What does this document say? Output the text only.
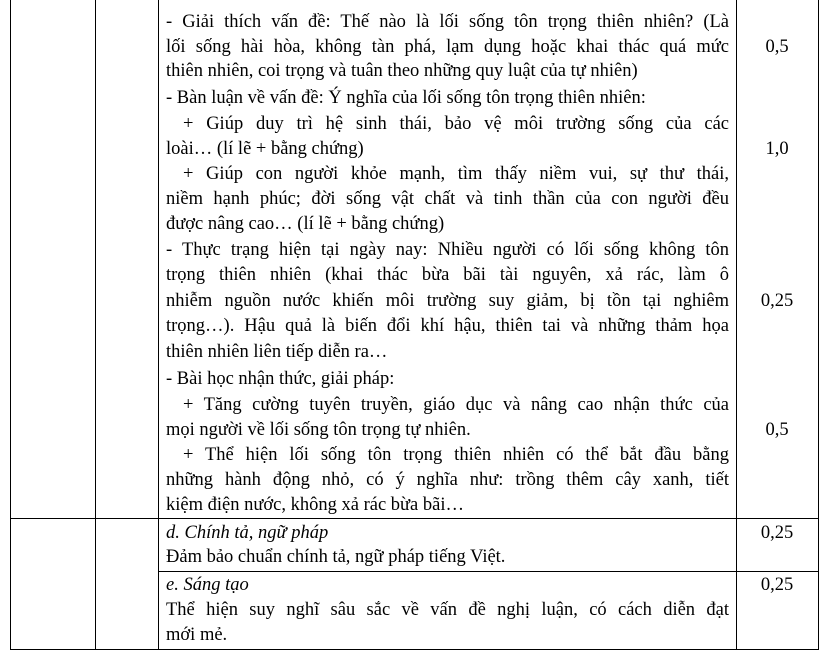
- Giải thích vấn đề: Thế nào là lối sống tôn trọng thiên nhiên? (Là
lối sống hài hòa, không tàn phá, lạm dụng hoặc khai thác quá mức
thiên nhiên, coi trọng và tuân theo những quy luật của tự nhiên)
0,5
- Bàn luận về vấn đề: Ý nghĩa của lối sống tôn trọng thiên nhiên:
+ Giúp duy trì hệ sinh thái, bảo vệ môi trường sống của các
loài… (lí lẽ + bằng chứng)
+ Giúp con người khỏe mạnh, tìm thấy niềm vui, sự thư thái,
niềm hạnh phúc; đời sống vật chất và tinh thần của con người đều
được nâng cao… (lí lẽ + bằng chứng)
1,0
- Thực trạng hiện tại ngày nay: Nhiều người có lối sống không tôn
trọng thiên nhiên (khai thác bừa bãi tài nguyên, xả rác, làm ô
nhiễm nguồn nước khiến môi trường suy giảm, bị tồn tại nghiêm
trọng…). Hậu quả là biến đổi khí hậu, thiên tai và những thảm họa
thiên nhiên liên tiếp diễn ra…
0,25
- Bài học nhận thức, giải pháp:
+ Tăng cường tuyên truyền, giáo dục và nâng cao nhận thức của
mọi người về lối sống tôn trọng tự nhiên.
+ Thể hiện lối sống tôn trọng thiên nhiên có thể bắt đầu bằng
những hành động nhỏ, có ý nghĩa như: trồng thêm cây xanh, tiết
kiệm điện nước, không xả rác bừa bãi…
0,5
d. Chính tả, ngữ pháp
Đảm bảo chuẩn chính tả, ngữ pháp tiếng Việt.
0,25
e. Sáng tạo
Thể hiện suy nghĩ sâu sắc về vấn đề nghị luận, có cách diễn đạt
mới mẻ.
0,25
